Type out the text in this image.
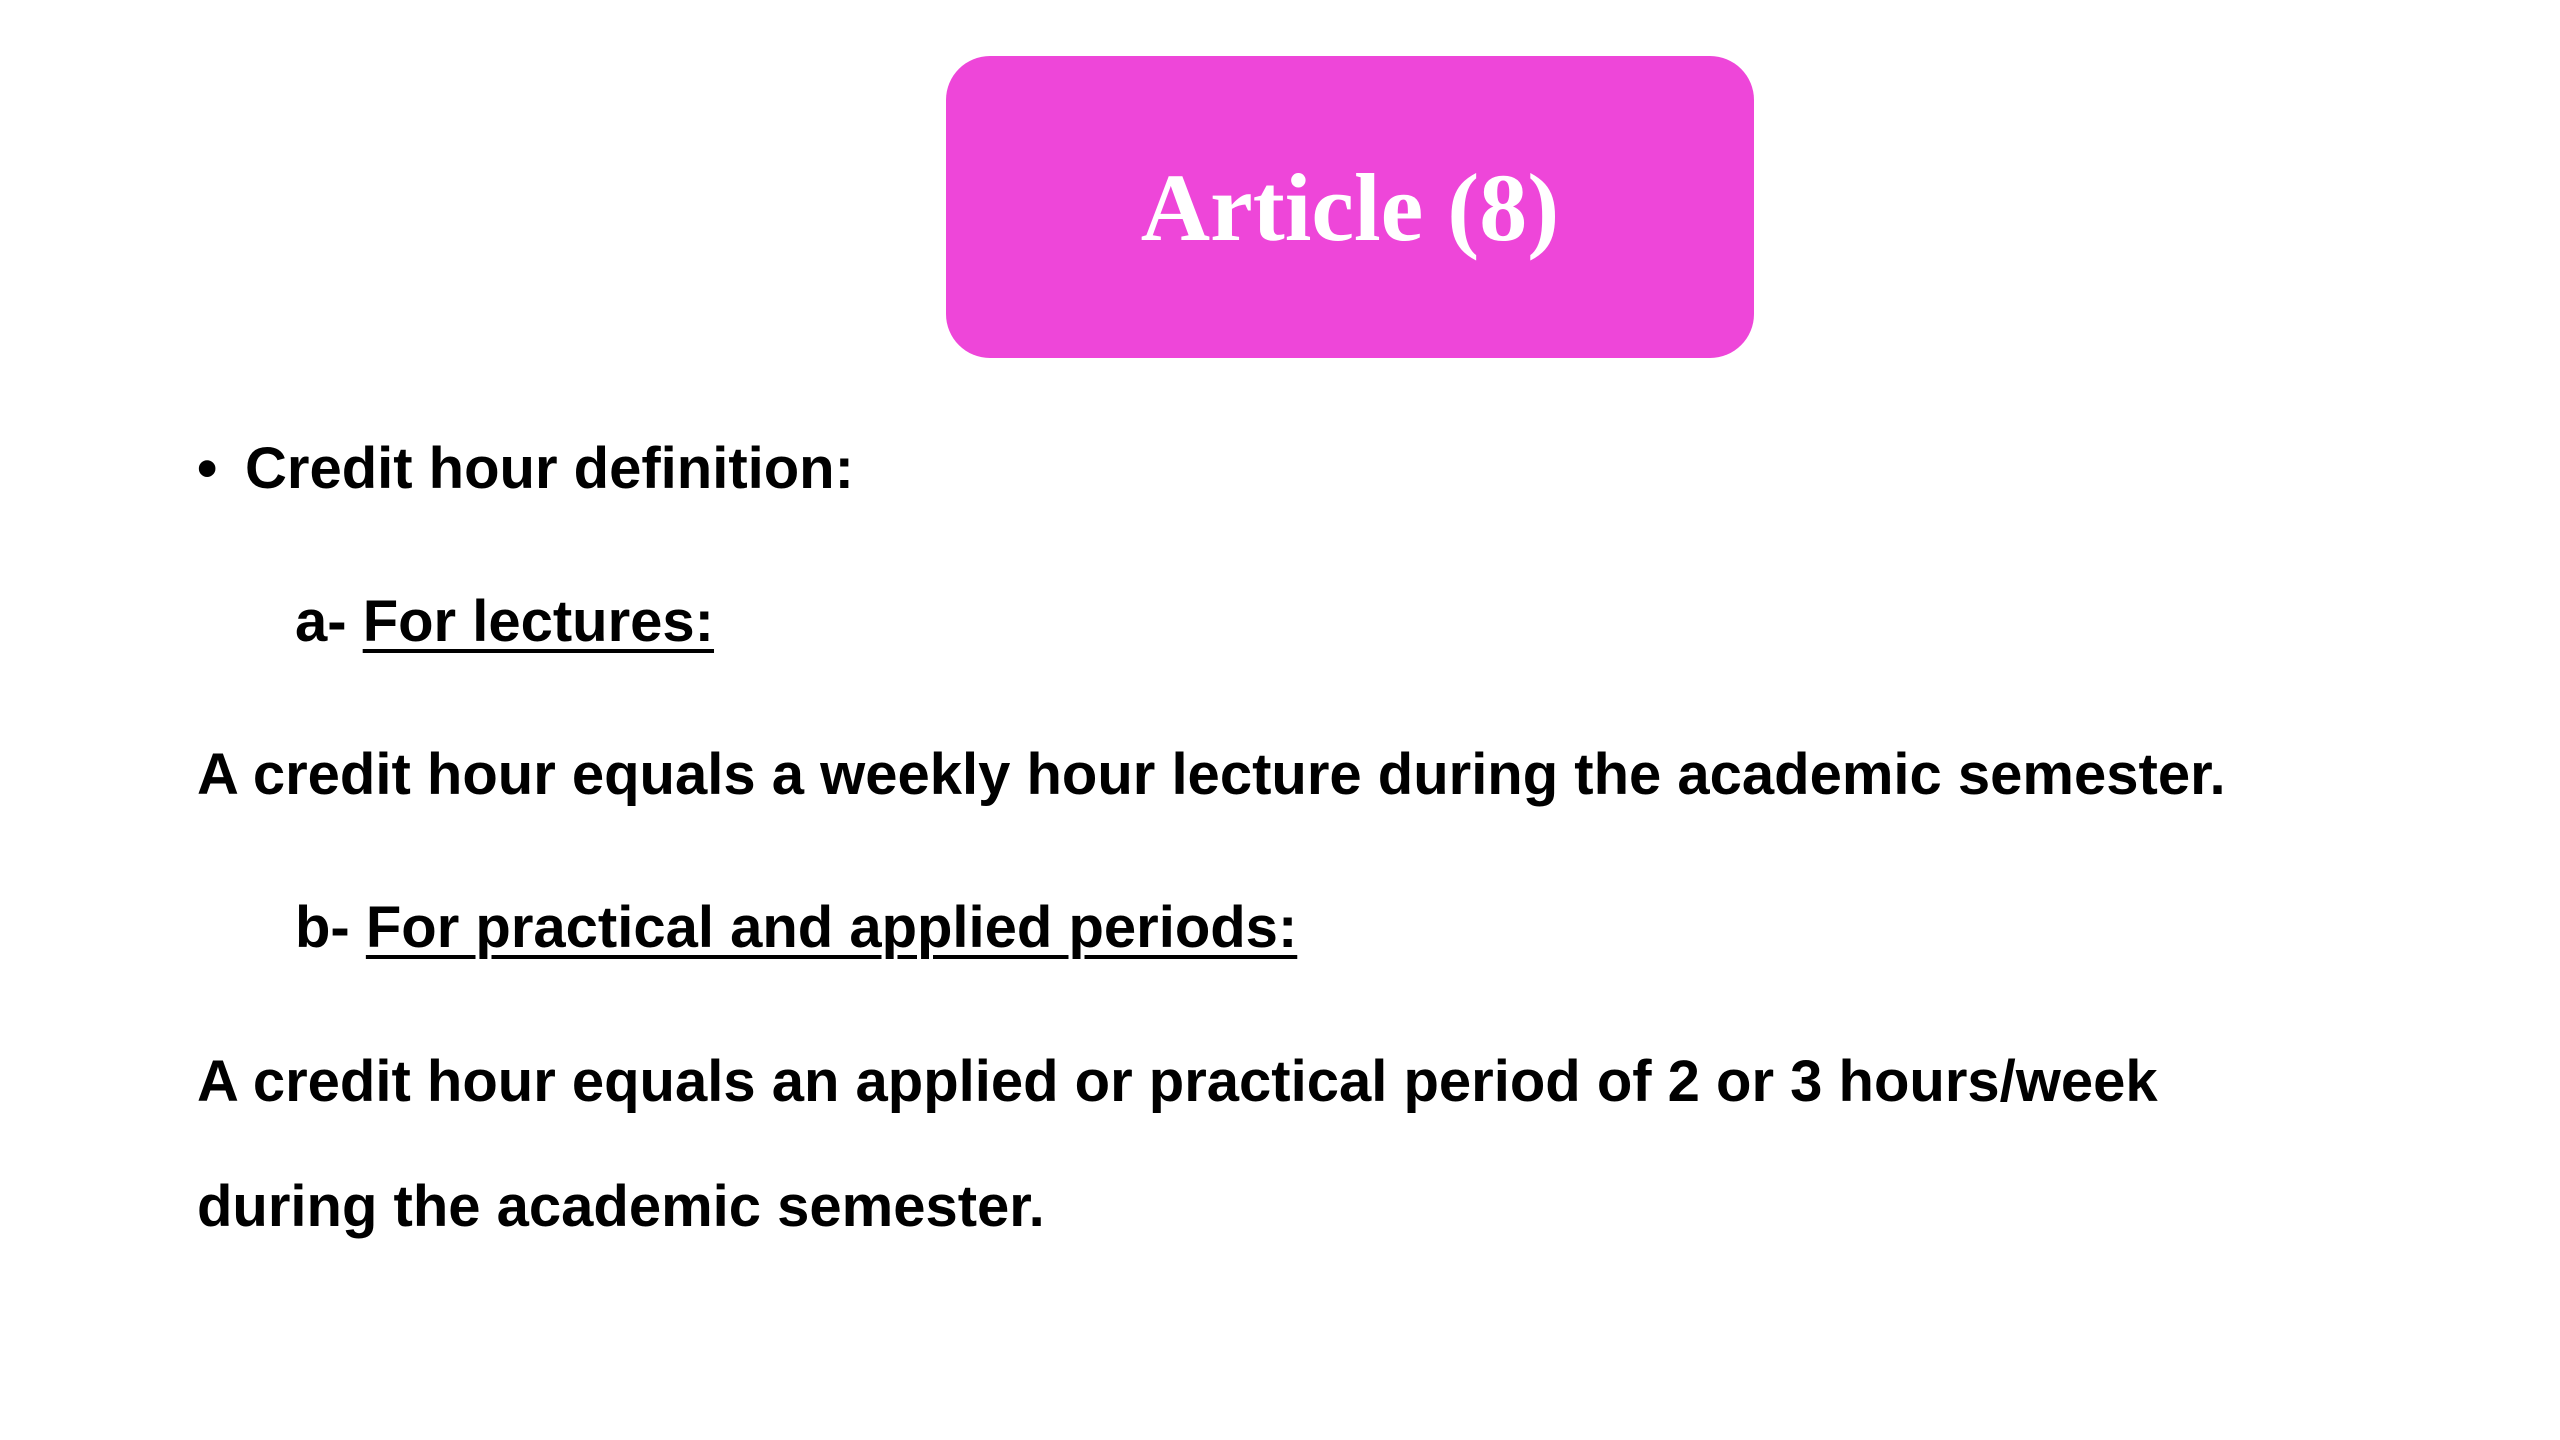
Article (8)
• Credit hour definition:
a- For lectures:
A credit hour equals a weekly hour lecture during the academic semester.
b- For practical and applied periods:
A credit hour equals an applied or practical period of 2 or 3 hours/week
during the academic semester.
